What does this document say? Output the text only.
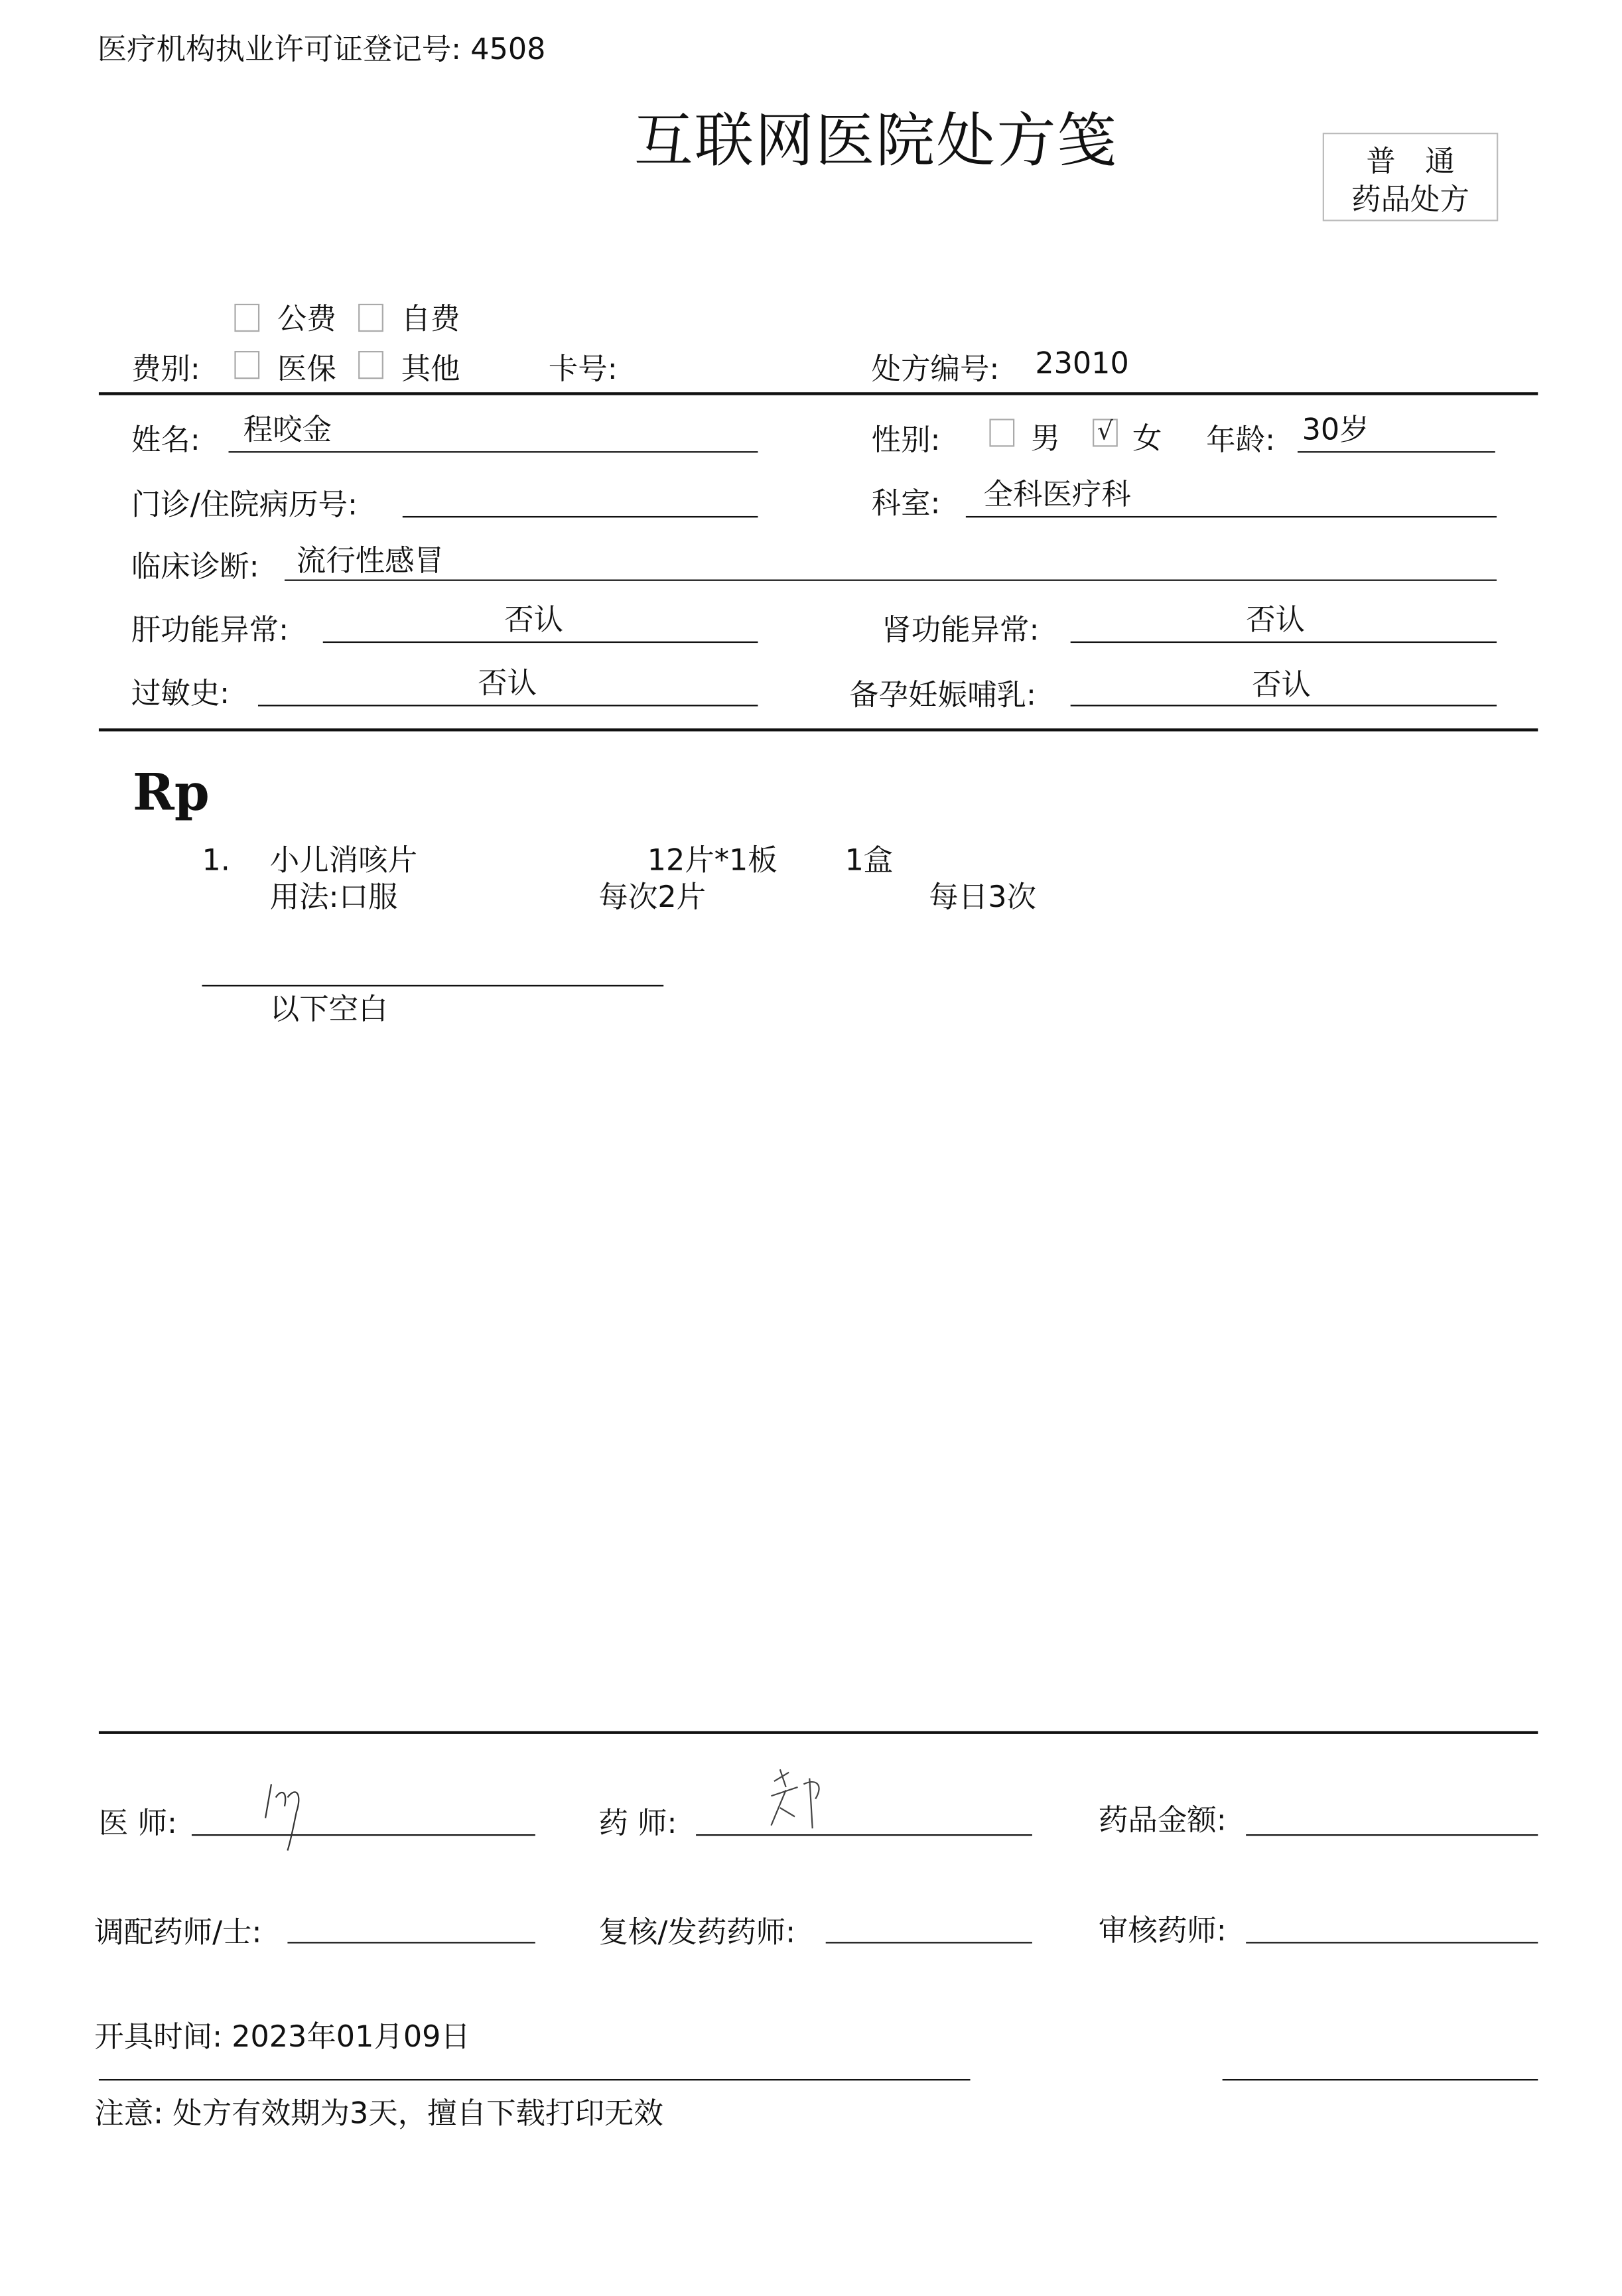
医疗机构执业许可证登记号: 4508
互联网医院处方笺	普　通
药品处方
公费	自费
费别:	医保	其他	卡号:	处方编号:	23010
姓名:	程咬金	性别:	男	√	女	年龄: 30岁
门诊/住院病历号:	科室:	全科医疗科
临床诊断:	流行性感冒
肝功能异常:	否认	肾功能异常:	否认
过敏史:	否认	备孕妊娠哺乳:	否认
Rp
1.	小儿消咳片	12片*1板	1盒
用法:口服	每次2片	每日3次
以下空白
医 师:	药 师:	药品金额:
调配药师/士:	复核/发药药师:	审核药师:
开具时间: 2023年01月09日
注意: 处方有效期为3天，擅自下载打印无效
